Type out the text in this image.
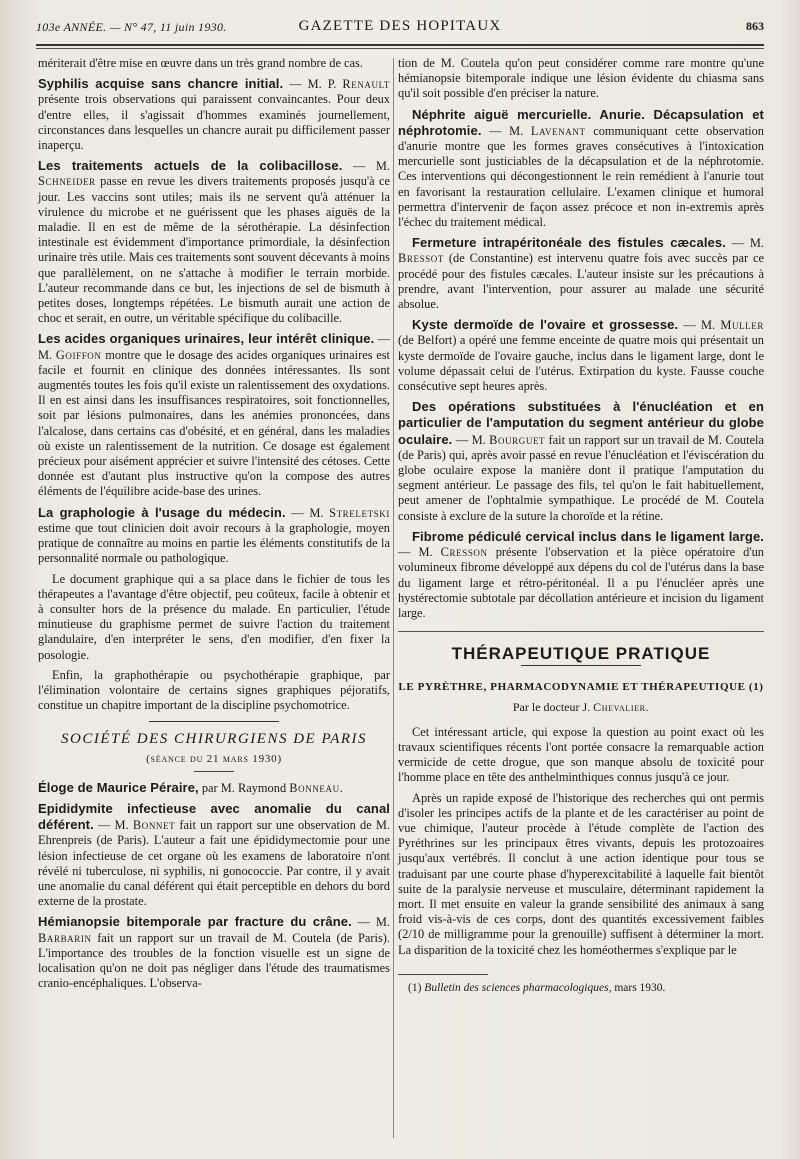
103e ANNÉE. — N° 47, 11 juin 1930.	GAZETTE DES HOPITAUX	863

mériterait d'être mise en œuvre dans un très grand nombre de cas.

Syphilis acquise sans chancre initial. — M. P. Renault présente trois observations qui paraissent convaincantes. Pour deux d'entre elles, il s'agissait d'hommes examinés journellement, circonstances dans lesquelles un chancre aurait pu difficilement passer inaperçu.

Les traitements actuels de la colibacillose. — M. Schneider passe en revue les divers traitements proposés jusqu'à ce jour. Les vaccins sont utiles; mais ils ne servent qu'à atténuer la virulence du microbe et ne guérissent que les phases aiguës de la maladie. Il en est de même de la sérothérapie. La désinfection intestinale est évidemment d'importance primordiale, la désinfection urinaire très utile. Mais ces traitements sont souvent décevants à moins que parallèlement, on ne s'attache à modifier le terrain morbide. L'auteur recommande dans ce but, les injections de sel de bismuth à petites doses, longtemps répétées. Le bismuth aurait une action de choc et serait, en outre, un véritable spécifique du colibacille.

Les acides organiques urinaires, leur intérêt clinique. — M. Goiffon montre que le dosage des acides organiques urinaires est facile et fournit en clinique des données intéressantes. Ils sont augmentés toutes les fois qu'il existe un ralentissement des oxydations. Il en est ainsi dans les insuffisances respiratoires, soit fonctionnelles, soit par lésions pulmonaires, dans les anémies prononcées, dans l'alcalose, dans certains cas d'obésité, et en général, dans les maladies où existe un ralentissement de la nutrition. Ce dosage est également précieux pour aisément apprécier et suivre l'intensité des cétoses. Cette donnée est d'autant plus instructive qu'on la compose des autres éléments de l'équilibre acide-base des urines.

La graphologie à l'usage du médecin. — M. Streletski estime que tout clinicien doit avoir recours à la graphologie, moyen pratique de connaître au moins en partie les éléments constitutifs de la personnalité normale ou pathologique.

Le document graphique qui a sa place dans le fichier de tous les thérapeutes a l'avantage d'être objectif, peu coûteux, facile à obtenir et à consulter hors de la présence du malade. En particulier, l'étude minutieuse du graphisme permet de suivre l'action du traitement glandulaire, d'en interpréter le sens, d'en modifier, d'en fixer la posologie.

Enfin, la graphothérapie ou psychothérapie graphique, par l'élimination volontaire de certains signes graphiques péjoratifs, constitue un chapitre important de la discipline psychomotrice.

SOCIÉTÉ DES CHIRURGIENS DE PARIS
(séance du 21 mars 1930)

Éloge de Maurice Péraire, par M. Raymond Bonneau.

Epididymite infectieuse avec anomalie du canal déférent. — M. Bonnet fait un rapport sur une observation de M. Ehrenpreis (de Paris). L'auteur a fait une épididymectomie pour une lésion infectieuse de cet organe où les examens de laboratoire n'ont révélé ni tuberculose, ni syphilis, ni gonococcie. Par contre, il y avait une anomalie du canal déférent qui était perceptible en dehors du bord externe de la prostate.

Hémianopsie bitemporale par fracture du crâne. — M. Barbarin fait un rapport sur un travail de M. Coutela (de Paris). L'importance des troubles de la fonction visuelle est un signe de localisation qu'on ne doit pas négliger dans l'étude des traumatismes cranio-encéphaliques. L'observa-

tion de M. Coutela qu'on peut considérer comme rare montre qu'une hémianopsie bitemporale indique une lésion évidente du chiasma sans qu'il soit possible d'en préciser la nature.

Néphrite aiguë mercurielle. Anurie. Décapsulation et néphrotomie. — M. Lavenant communiquant cette observation d'anurie montre que les formes graves consécutives à l'intoxication mercurielle sont justiciables de la décapsulation et de la néphrotomie. Ces interventions qui décongestionnent le rein remédient à l'anurie tout en favorisant la restauration cellulaire. L'examen clinique et humoral permettra d'intervenir de façon assez précoce et non in-extremis après l'échec du traitement médical.

Fermeture intrapéritonéale des fistules cæcales. — M. Bressot (de Constantine) est intervenu quatre fois avec succès par ce procédé pour des fistules cæcales. L'auteur insiste sur les précautions à prendre, avant l'intervention, pour assurer au malade une sécurité absolue.

Kyste dermoïde de l'ovaire et grossesse. — M. Muller (de Belfort) a opéré une femme enceinte de quatre mois qui présentait un kyste dermoïde de l'ovaire gauche, inclus dans le ligament large, dont le volume dépassait celui de l'utérus. Extirpation du kyste. Fausse couche consécutive sept heures après.

Des opérations substituées à l'énucléation et en particulier de l'amputation du segment antérieur du globe oculaire. — M. Bourguet fait un rapport sur un travail de M. Coutela (de Paris) qui, après avoir passé en revue l'énucléation et l'éviscération du globe oculaire expose la manière dont il pratique l'amputation du segment antérieur. Le passage des fils, tel qu'on le fait habituellement, peut amener de l'ophtalmie sympathique. Le procédé de M. Coutela consiste à exclure de la suture la choroïde et la rétine.

Fibrome pédiculé cervical inclus dans le ligament large. — M. Cresson présente l'observation et la pièce opératoire d'un volumineux fibrome développé aux dépens du col de l'utérus dans la base du ligament large et rétro-péritonéal. Il a pu l'énucléer après une hystérectomie subtotale par décollation antérieure et incision du ligament large.

THÉRAPEUTIQUE PRATIQUE
LE PYRÈTHRE, PHARMACODYNAMIE ET THÉRAPEUTIQUE (1)
Par le docteur J. Chevalier.

Cet intéressant article, qui expose la question au point exact où les travaux scientifiques récents l'ont portée consacre la remarquable action vermicide de cette drogue, que son manque absolu de toxicité pour l'homme place en tête des anthelminthiques connus jusqu'à ce jour.

Après un rapide exposé de l'historique des recherches qui ont permis d'isoler les principes actifs de la plante et de les caractériser au point de vue chimique, l'auteur procède à l'étude complète de l'action des Pyréthrines sur les principaux êtres vivants, depuis les protozoaires jusqu'aux vertébrés. Il conclut à une action identique pour tous se traduisant par une courte phase d'hyperexcitabilité à laquelle fait bientôt suite de la paralysie nerveuse et musculaire, déterminant rapidement la mort. Il met ensuite en valeur la grande sensibilité des animaux à sang froid vis-à-vis de ces corps, dont des quantités excessivement faibles (2/10 de milligramme pour la grenouille) suffisent à déterminer la mort. La disparition de la toxicité chez les homéothermes s'explique par le

(1) Bulletin des sciences pharmacologiques, mars 1930.
